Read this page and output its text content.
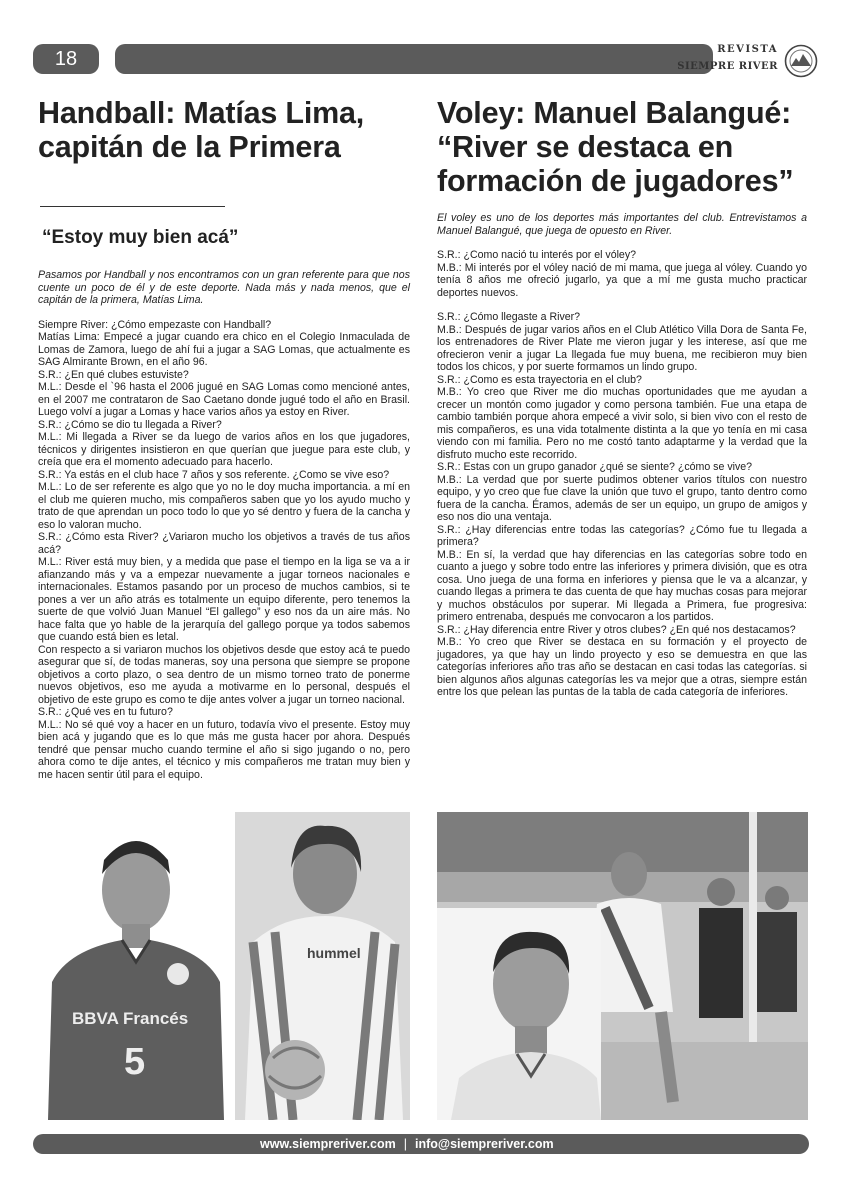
18	REVISTA
SIEMPRE RIVER
Handball: Matías Lima, capitán de la Primera
“Estoy muy bien acá”
Pasamos por Handball y nos encontramos con un gran referente para que nos cuente un poco de él y de este deporte. Nada más y nada menos, que el capitán de la primera, Matías Lima.

Siempre River: ¿Cómo empezaste con Handball?

Matías Lima: Empecé a jugar cuando era chico en el Colegio Inmaculada de Lomas de Zamora, luego de ahí fui a jugar a SAG Lomas, que actualmente es SAG Almirante Brown, en el año 96.

S.R.: ¿En qué clubes estuviste?

M.L.: Desde el `96 hasta el 2006 jugué en SAG Lomas como mencioné antes, en el 2007 me contrataron de Sao Caetano donde jugué todo el año en Brasil. Luego volví a jugar a Lomas y hace varios años ya estoy en River.

S.R.: ¿Cómo se dio tu llegada a River?

M.L.: Mi llegada a River se da luego de varios años en los que jugadores, técnicos y dirigentes insistieron en que querían que juegue para este club, y creía que era el momento adecuado para hacerlo.

S.R.: Ya estás en el club hace 7 años y sos referente. ¿Como se vive eso?

M.L.: Lo de ser referente es algo que yo no le doy mucha importancia. a mí en el club me quieren mucho, mis compañeros saben que yo los ayudo mucho y trato de que aprendan un poco todo lo que yo sé dentro y fuera de la cancha y eso lo valoran mucho.

S.R.: ¿Cómo esta River? ¿Variaron mucho los objetivos a través de tus años acá?

M.L.: River está muy bien, y a medida que pase el tiempo en la liga se va a ir afianzando más y va a empezar nuevamente a jugar torneos nacionales e internacionales. Estamos pasando por un proceso de muchos cambios, si te pones a ver un año atrás es totalmente un equipo diferente, pero tenemos la suerte de que volvió Juan Manuel “El gallego” y eso nos da un aire más. No hace falta que yo hable de la jerarquía del gallego porque ya todos sabemos que cuando está bien es letal.

Con respecto a si variaron muchos los objetivos desde que estoy acá te puedo asegurar que sí, de todas maneras, soy una persona que siempre se propone objetivos a corto plazo, o sea dentro de un mismo torneo trato de ponerme nuevos objetivos, eso me ayuda a motivarme en lo personal, después el objetivo de este grupo es como te dije antes volver a jugar un torneo nacional.

S.R.: ¿Qué ves en tu futuro?

M.L.: No sé qué voy a hacer en un futuro, todavía vivo el presente. Estoy muy bien acá y jugando que es lo que más me gusta hacer por ahora. Después tendré que pensar mucho cuando termine el año si sigo jugando o no, pero ahora como te dije antes, el técnico y mis compañeros me tratan muy bien y me hacen sentir útil para el equipo.

Voley: Manuel Balangué: “River se destaca en formación de jugadores”
El voley es uno de los deportes más importantes del club. Entrevistamos a Manuel Balangué, que juega de opuesto en River.

S.R.: ¿Como nació tu interés por el vóley?

M.B.: Mi interés por el vóley nació de mi mama, que juega al vóley. Cuando yo tenía 8 años me ofreció jugarlo, ya que a mí me gusta mucho practicar deportes nuevos.

S.R.: ¿Cómo llegaste a River?

M.B.: Después de jugar varios años en el Club Atlético Villa Dora de Santa Fe, los entrenadores de River Plate me vieron jugar y les interese, así que me ofrecieron venir a jugar La llegada fue muy buena, me recibieron muy bien todos los chicos, y por suerte formamos un lindo grupo.

S.R.: ¿Como es esta trayectoria en el club?

M.B.: Yo creo que River me dio muchas oportunidades que me ayudan a crecer un montón como jugador y como persona también. Fue una etapa de cambio también porque ahora empecé a vivir solo, si bien vivo con el resto de mis compañeros, es una vida totalmente distinta a la que yo tenía en mi casa viendo con mi familia. Pero no me costó tanto adaptarme y la verdad que la disfruto mucho este recorrido.

S.R.: Estas con un grupo ganador ¿qué se siente? ¿cómo se vive?

M.B.: La verdad que por suerte pudimos obtener varios títulos con nuestro equipo, y yo creo que fue clave la unión que tuvo el grupo, tanto dentro como fuera de la cancha. Éramos, además de ser un equipo, un grupo de amigos y eso nos dio una ventaja.

S.R.: ¿Hay diferencias entre todas las categorías? ¿Cómo fue tu llegada a primera?

M.B.: En sí, la verdad que hay diferencias en las categorías sobre todo en cuanto a juego y sobre todo entre las inferiores y primera división, que es otra cosa. Uno juega de una forma en inferiores y piensa que le va a alcanzar, y cuando llegas a primera te das cuenta de que hay muchas cosas para mejorar y muchos obstáculos por superar. Mi llegada a Primera, fue progresiva: primero entrenaba, después me convocaron a los partidos.

S.R.: ¿Hay diferencia entre River y otros clubes? ¿En qué nos destacamos?

M.B.: Yo creo que River se destaca en su formación y el proyecto de jugadores, ya que hay un lindo proyecto y eso se demuestra en que las categorías inferiores año tras año se destacan en casi todas las categorías. si bien algunos años algunas categorías les va mejor que a otras, siempre están entre los que pelean las puntas de la tabla de cada categoría de inferiores.

BBVA Francés
5
hummel
www.siempreriver.com | info@siempreriver.com
